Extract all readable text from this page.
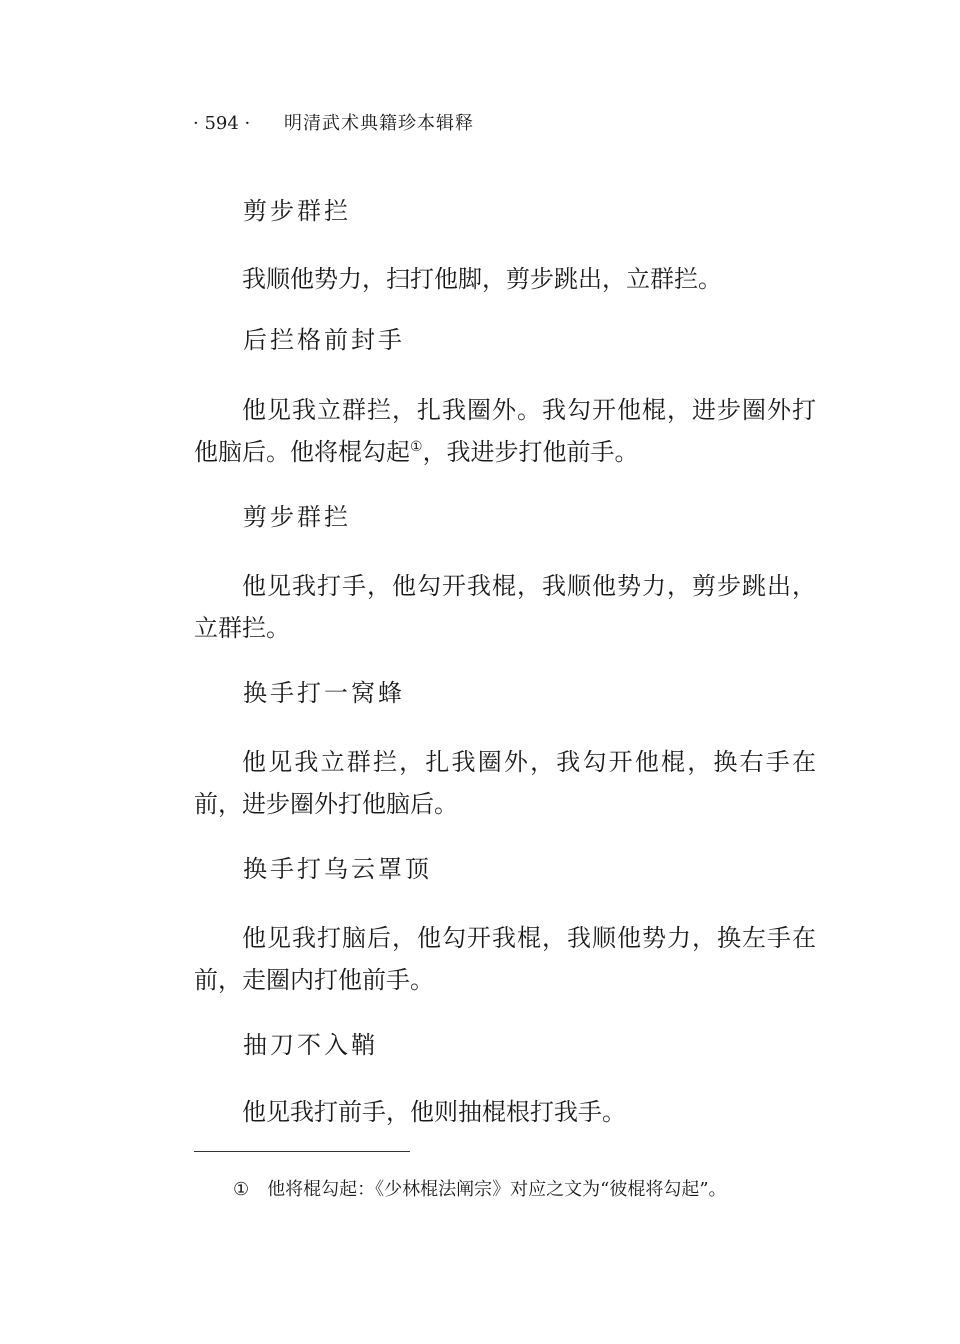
· 594 · 明清武术典籍珍本辑释
剪步群拦
我顺他势力，扫打他脚，剪步跳出，立群拦。
后拦格前封手
他见我立群拦，扎我圈外。我勾开他棍，进步圈外打他脑后。他将棍勾起①，我进步打他前手。
剪步群拦
他见我打手，他勾开我棍，我顺他势力，剪步跳出，立群拦。
换手打一窝蜂
他见我立群拦，扎我圈外，我勾开他棍，换右手在前，进步圈外打他脑后。
换手打乌云罩顶
他见我打脑后，他勾开我棍，我顺他势力，换左手在前，走圈内打他前手。
抽刀不入鞘
他见我打前手，他则抽棍根打我手。
① 他将棍勾起：《少林棍法阐宗》对应之文为“彼棍将勾起”。
